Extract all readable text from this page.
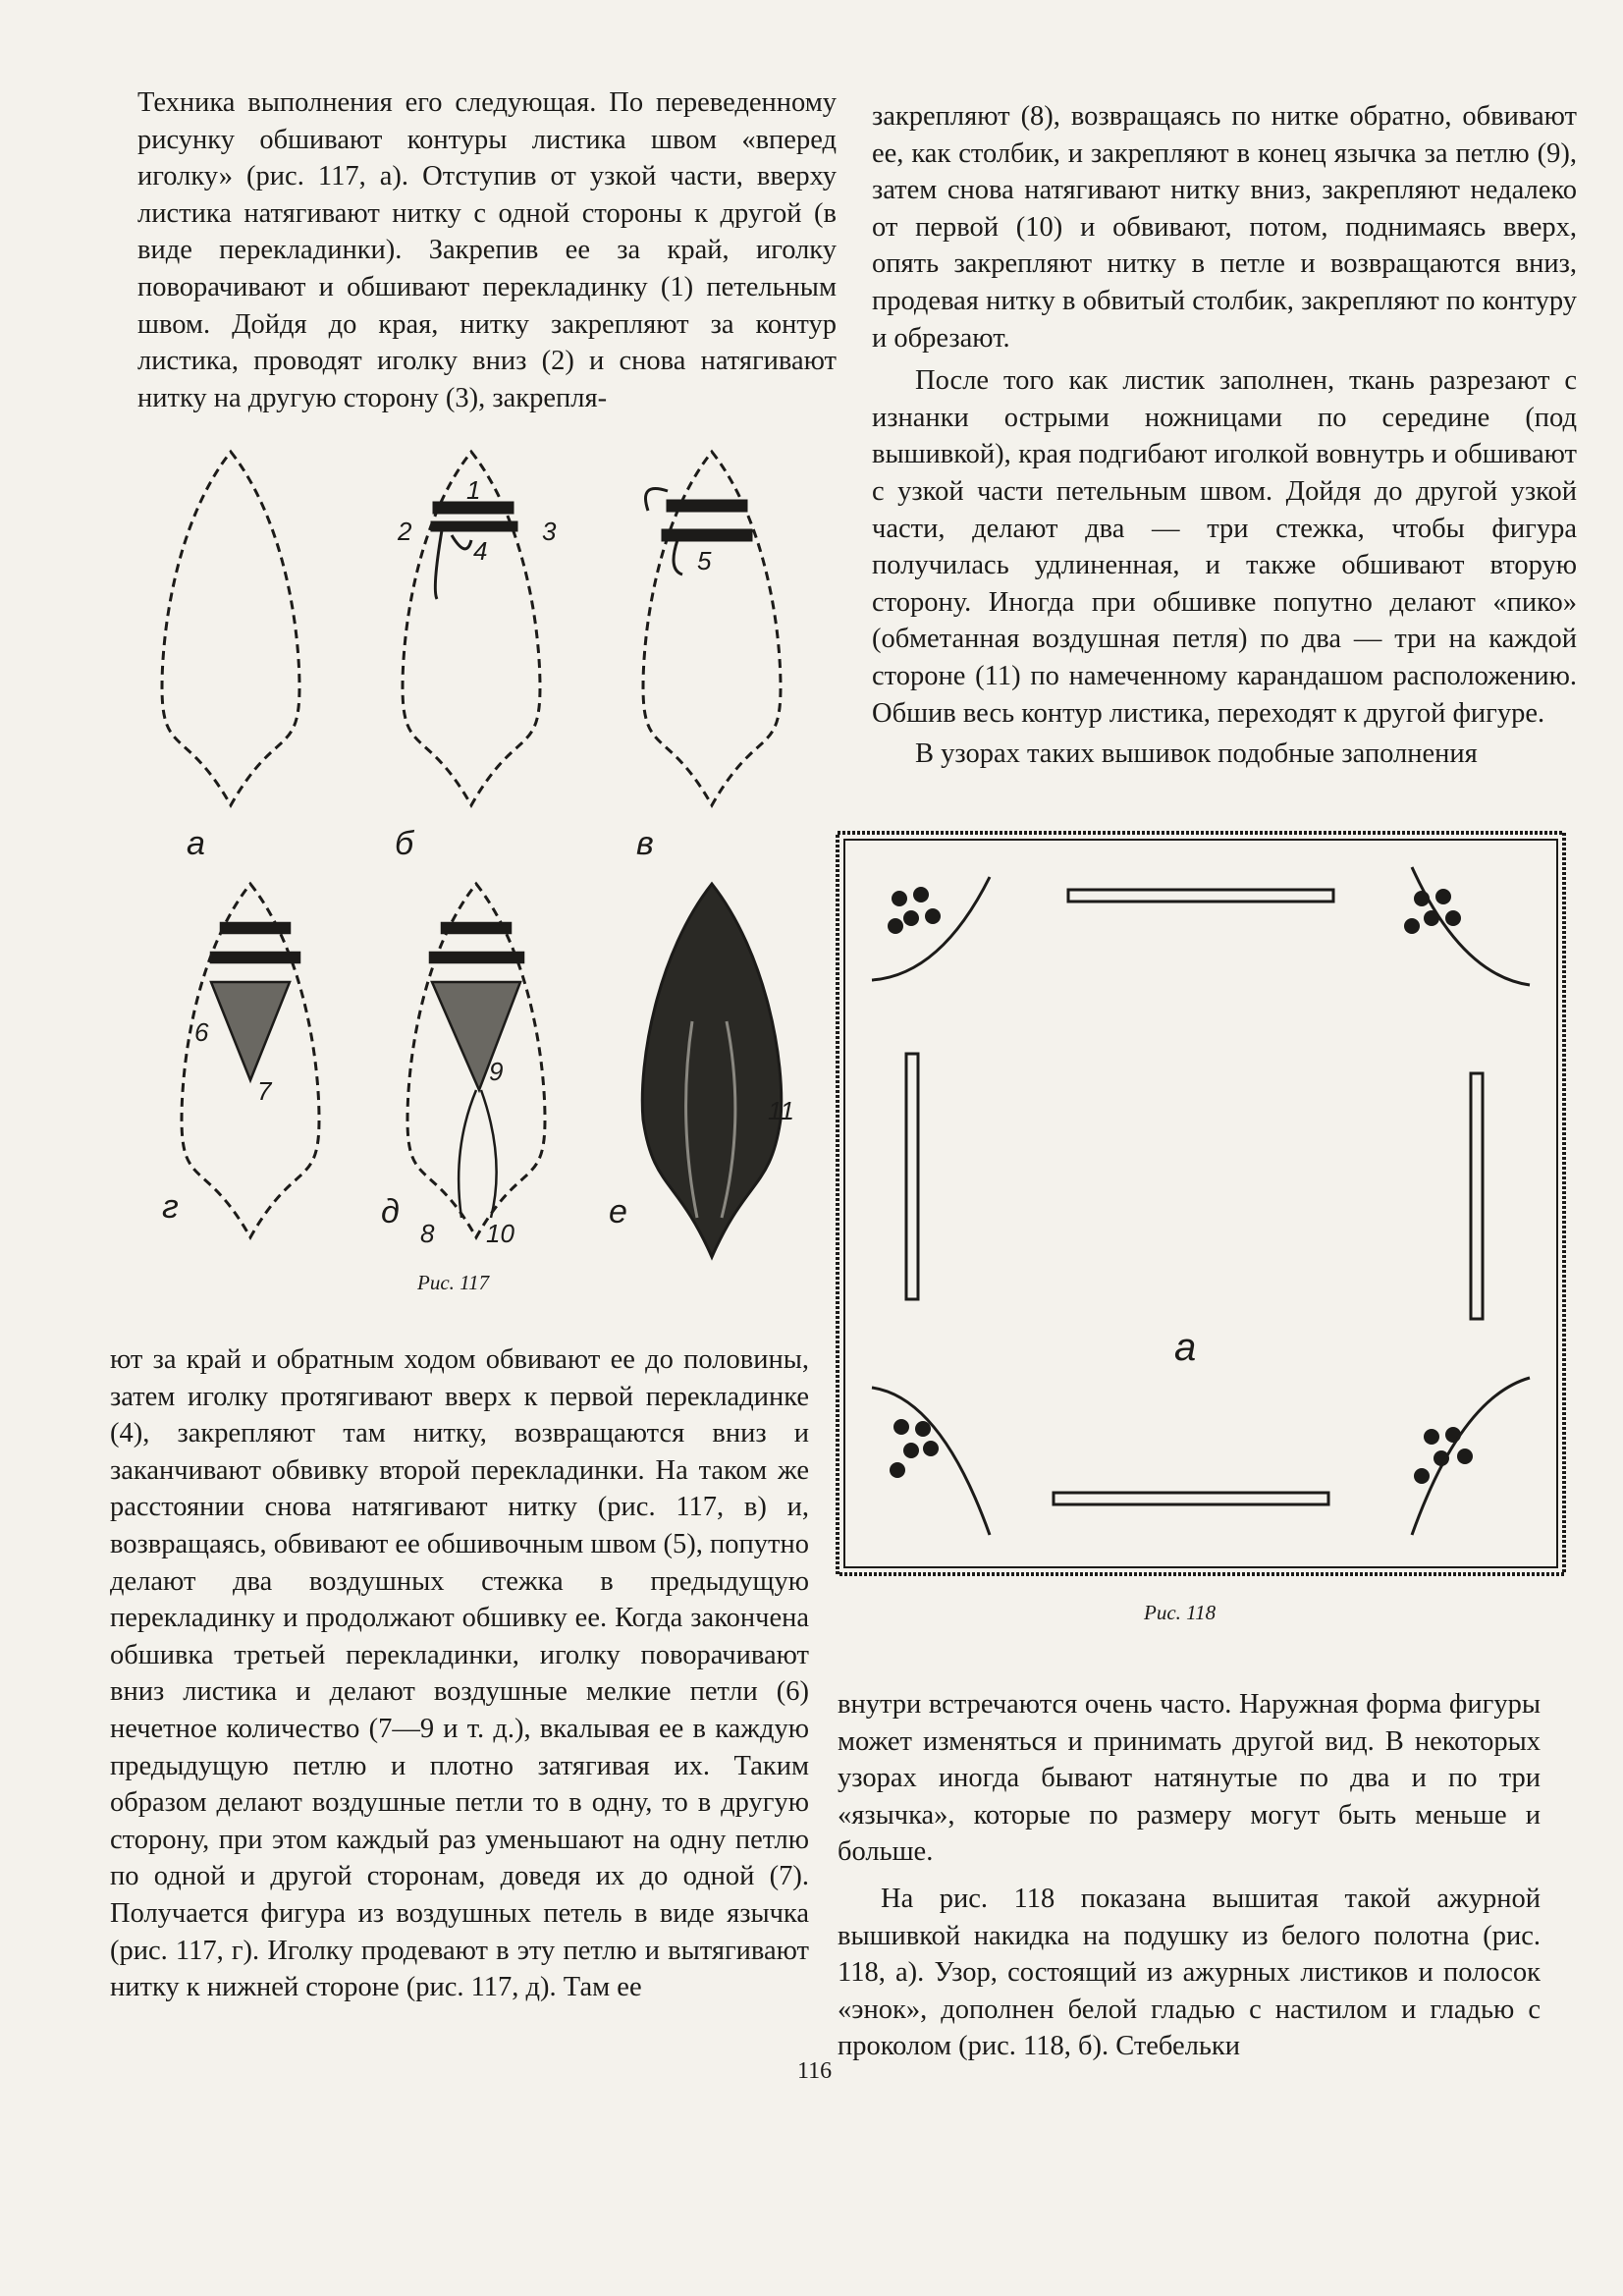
Техника выполнения его следующая. По переведенному рисунку обшивают контуры листика швом «вперед иголку» (рис. 117, а). Отступив от узкой части, вверху листика натягивают нитку с одной стороны к другой (в виде перекладинки). Закрепив ее за край, иголку поворачивают и обшивают перекладинку (1) петельным швом. Дойдя до края, нитку закрепляют за контур листика, проводят иголку вниз (2) и снова натягивают нитку на другую сторону (3), закрепля-

закрепляют (8), возвращаясь по нитке обратно, обвивают ее, как столбик, и закрепляют в конец язычка за петлю (9), затем снова натягивают нитку вниз, закрепляют недалеко от первой (10) и обвивают, потом, поднимаясь вверх, опять закрепляют нитку в петле и возвращаются вниз, продевая нитку в обвитый столбик, закрепляют по контуру и обрезают.

После того как листик заполнен, ткань разрезают с изнанки острыми ножницами по середине (под вышивкой), края подгибают иголкой вовнутрь и обшивают с узкой части петельным швом. Дойдя до другой узкой части, делают два — три стежка, чтобы фигура получилась удлиненная, и также обшивают вторую сторону. Иногда при обшивке попутно делают «пико» (обметанная воздушная петля) по два — три на каждой стороне (11) по намеченному карандашом расположению. Обшив весь контур листика, переходят к другой фигуре.

В узорах таких вышивок подобные заполнения

а	б	в
г	д	е
1
2	3
4	5
6
7
8
9
10
11
Рис. 117
а
Рис. 118

ют за край и обратным ходом обвивают ее до половины, затем иголку протягивают вверх к первой перекладинке (4), закрепляют там нитку, возвращаются вниз и заканчивают обвивку второй перекладинки. На таком же расстоянии снова натягивают нитку (рис. 117, в) и, возвращаясь, обвивают ее обшивочным швом (5), попутно делают два воздушных стежка в предыдущую перекладинку и продолжают обшивку ее. Когда закончена обшивка третьей перекладинки, иголку поворачивают вниз листика и делают воздушные мелкие петли (6) нечетное количество (7—9 и т. д.), вкалывая ее в каждую предыдущую петлю и плотно затягивая их. Таким образом делают воздушные петли то в одну, то в другую сторону, при этом каждый раз уменьшают на одну петлю по одной и другой сторонам, доведя их до одной (7). Получается фигура из воздушных петель в виде язычка (рис. 117, г). Иголку продевают в эту петлю и вытягивают нитку к нижней стороне (рис. 117, д). Там ее

внутри встречаются очень часто. Наружная форма фигуры может изменяться и принимать другой вид. В некоторых узорах иногда бывают натянутые по два и по три «язычка», которые по размеру могут быть меньше и больше.

На рис. 118 показана вышитая такой ажурной вышивкой накидка на подушку из белого полотна (рис. 118, а). Узор, состоящий из ажурных листиков и полосок «энок», дополнен белой гладью с настилом и гладью с проколом (рис. 118, б). Стебельки

116
